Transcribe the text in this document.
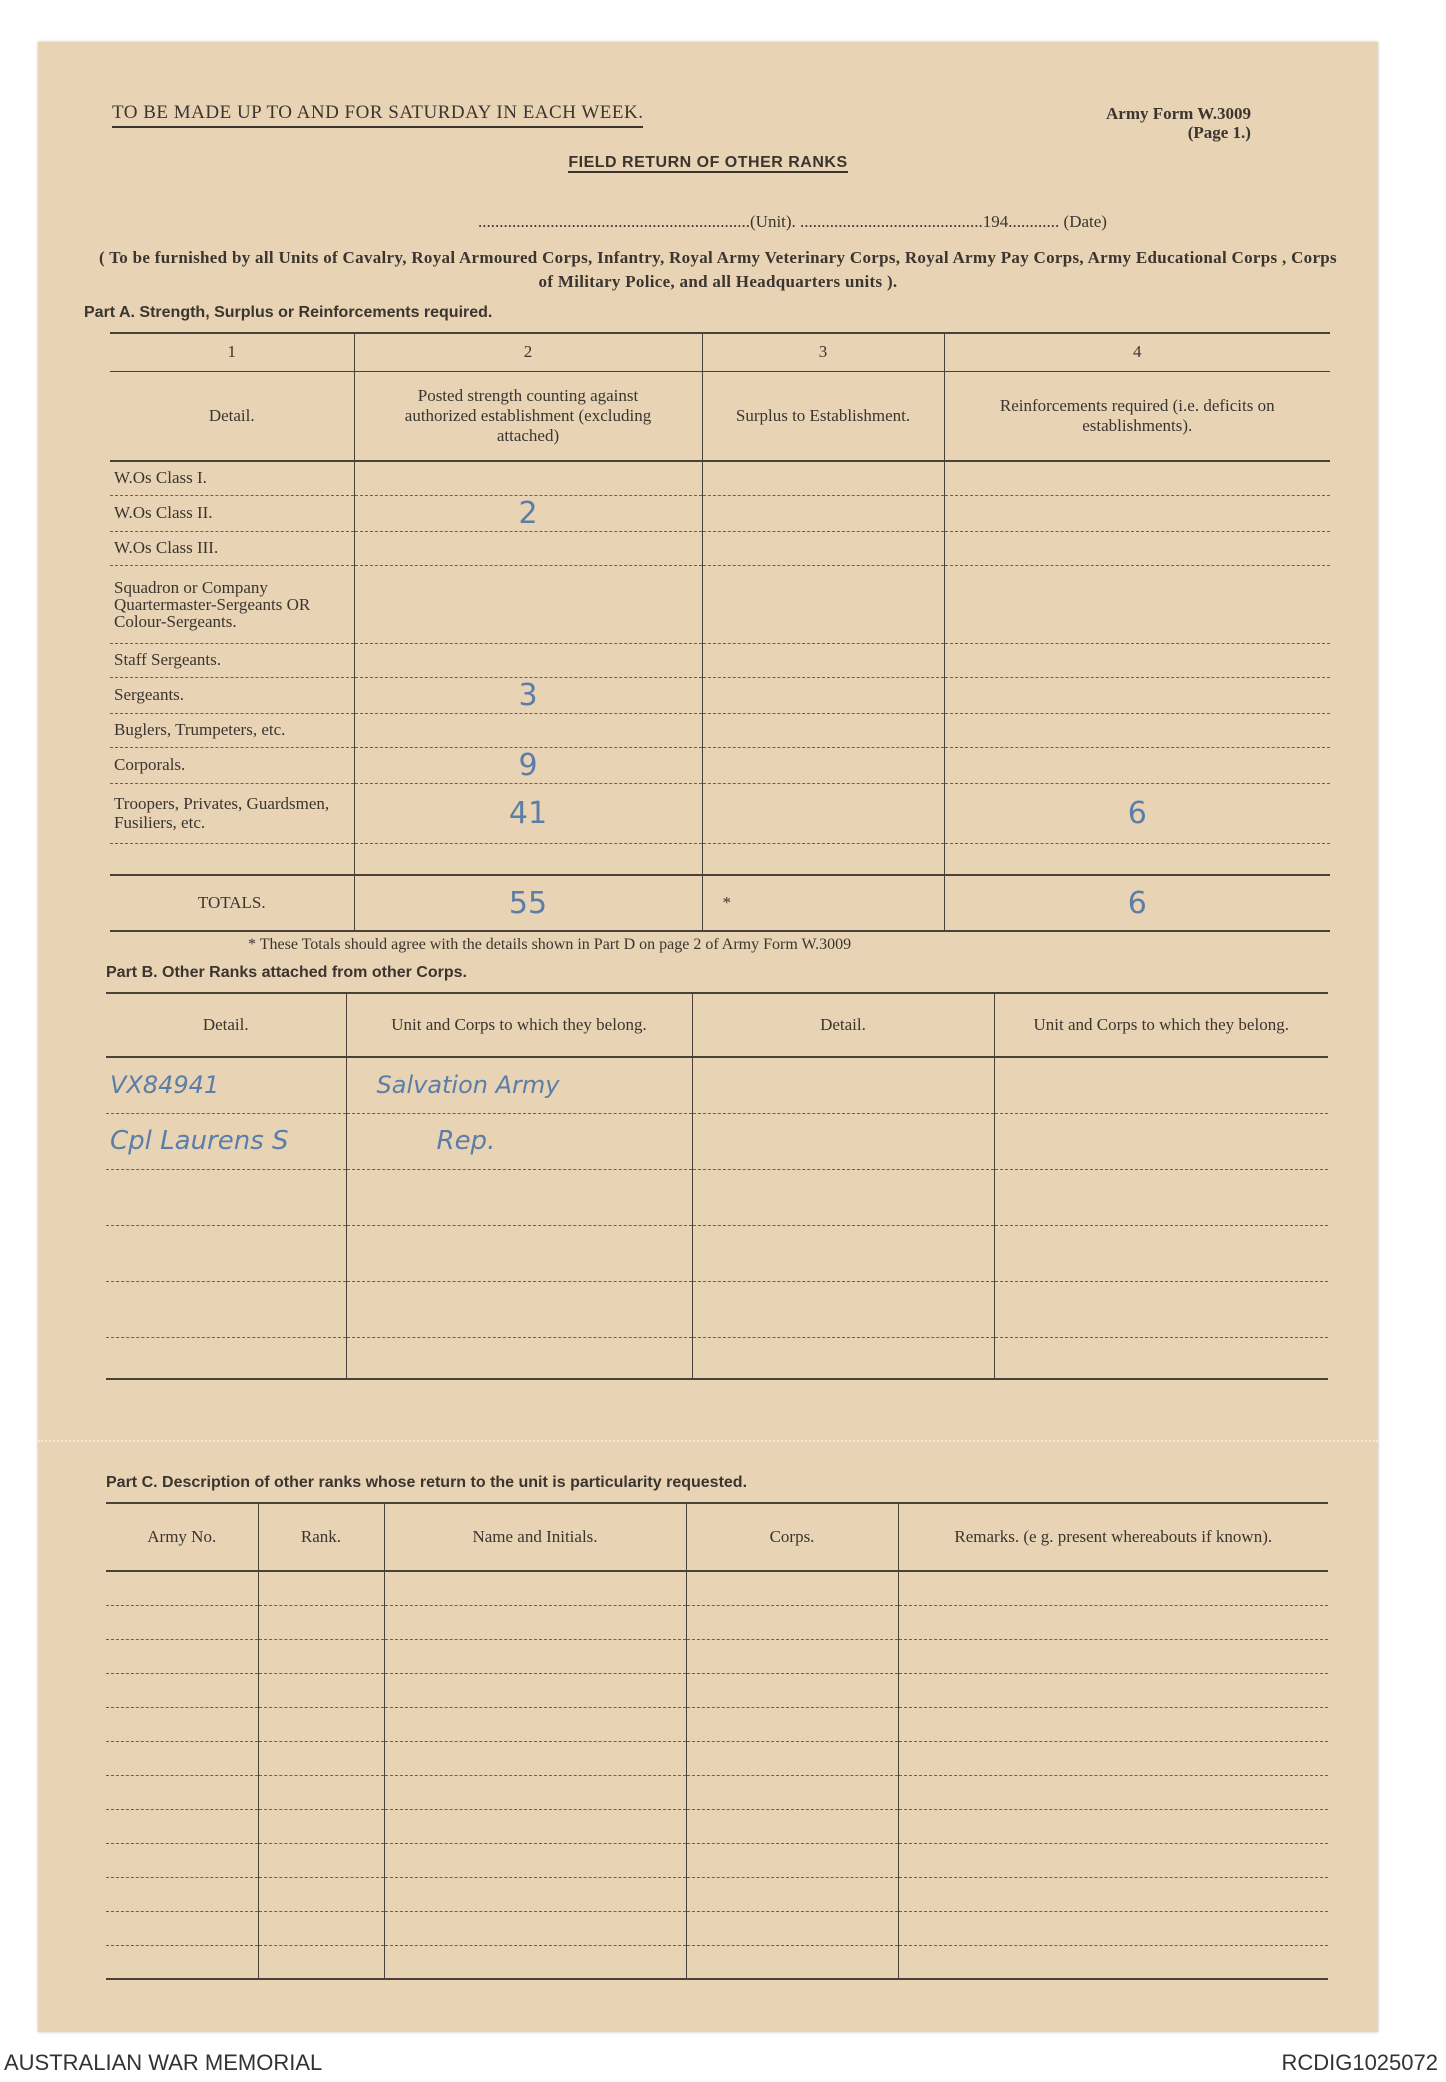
TO BE MADE UP TO AND FOR SATURDAY IN EACH WEEK.	Army Form W.3009
(Page 1.)
FIELD RETURN OF OTHER RANKS
................................................................(Unit). ...........................................194............ (Date)
( To be furnished by all Units of Cavalry, Royal Armoured Corps, Infantry, Royal Army Veterinary Corps, Royal Army Pay Corps, Army Educational Corps , Corps of Military Police, and all Headquarters units ).
Part A. Strength, Surplus or Reinforcements required.
1	2	3	4
Detail.	Posted strength counting against authorized establishment (excluding attached)	Surplus to Establishment.	Reinforcements required (i.e. deficits on establishments).
W.Os Class I.			
W.Os Class II.	2		
W.Os Class III.			
Squadron or Company Quartermaster-Sergeants OR Colour-Sergeants.			
Staff Sergeants.			
Sergeants.	3		
Buglers, Trumpeters, etc.			
Corporals.	9		
Troopers, Privates, Guardsmen, Fusiliers, etc.	41		6

TOTALS.	55	*	6
* These Totals should agree with the details shown in Part D on page 2 of Army Form W.3009
Part B. Other Ranks attached from other Corps.
Detail.	Unit and Corps to which they belong.	Detail.	Unit and Corps to which they belong.
VX84941	Salvation Army		
Cpl Laurens S	Rep.		

Part C. Description of other ranks whose return to the unit is particularity requested.
Army No.	Rank.	Name and Initials.	Corps.	Remarks. (e g. present whereabouts if known).

AUSTRALIAN WAR MEMORIAL	RCDIG1025072
